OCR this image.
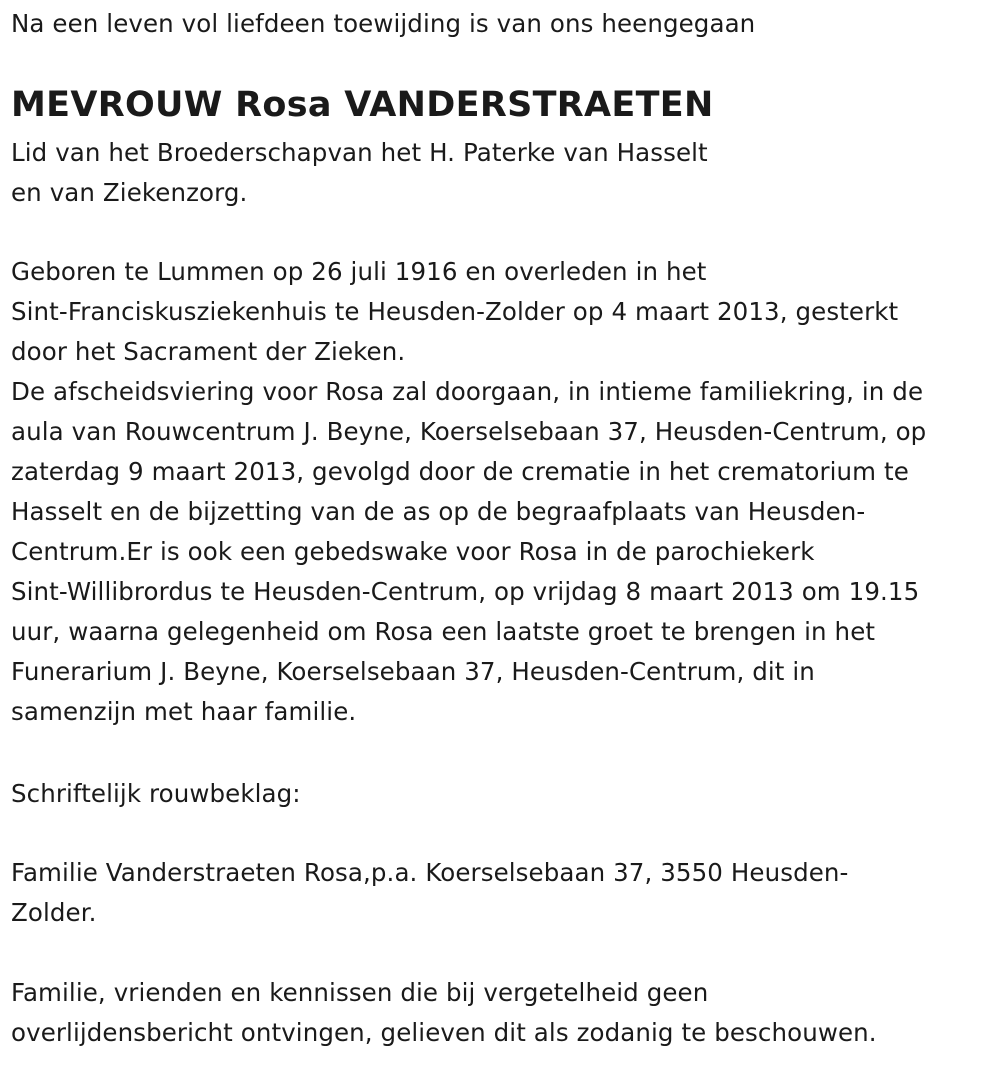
Na een leven vol liefdeen toewijding is van ons heengegaan
MEVROUW Rosa VANDERSTRAETEN
Lid van het Broederschapvan het H. Paterke van Hasselt
en van Ziekenzorg.
Geboren te Lummen op 26 juli 1916 en overleden in het
Sint-Franciskusziekenhuis te Heusden-Zolder op 4 maart 2013, gesterkt
door het Sacrament der Zieken.
De afscheidsviering voor Rosa zal doorgaan, in intieme familiekring, in de
aula van Rouwcentrum J. Beyne, Koerselsebaan 37, Heusden-Centrum, op
zaterdag 9 maart 2013, gevolgd door de crematie in het crematorium te
Hasselt en de bijzetting van de as op de begraafplaats van Heusden-
Centrum.Er is ook een gebedswake voor Rosa in de parochiekerk
Sint-Willibrordus te Heusden-Centrum, op vrijdag 8 maart 2013 om 19.15
uur, waarna gelegenheid om Rosa een laatste groet te brengen in het
Funerarium J. Beyne, Koerselsebaan 37, Heusden-Centrum, dit in
samenzijn met haar familie.
Schriftelijk rouwbeklag:
Familie Vanderstraeten Rosa,p.a. Koerselsebaan 37, 3550 Heusden-
Zolder.
Familie, vrienden en kennissen die bij vergetelheid geen
overlijdensbericht ontvingen, gelieven dit als zodanig te beschouwen.
